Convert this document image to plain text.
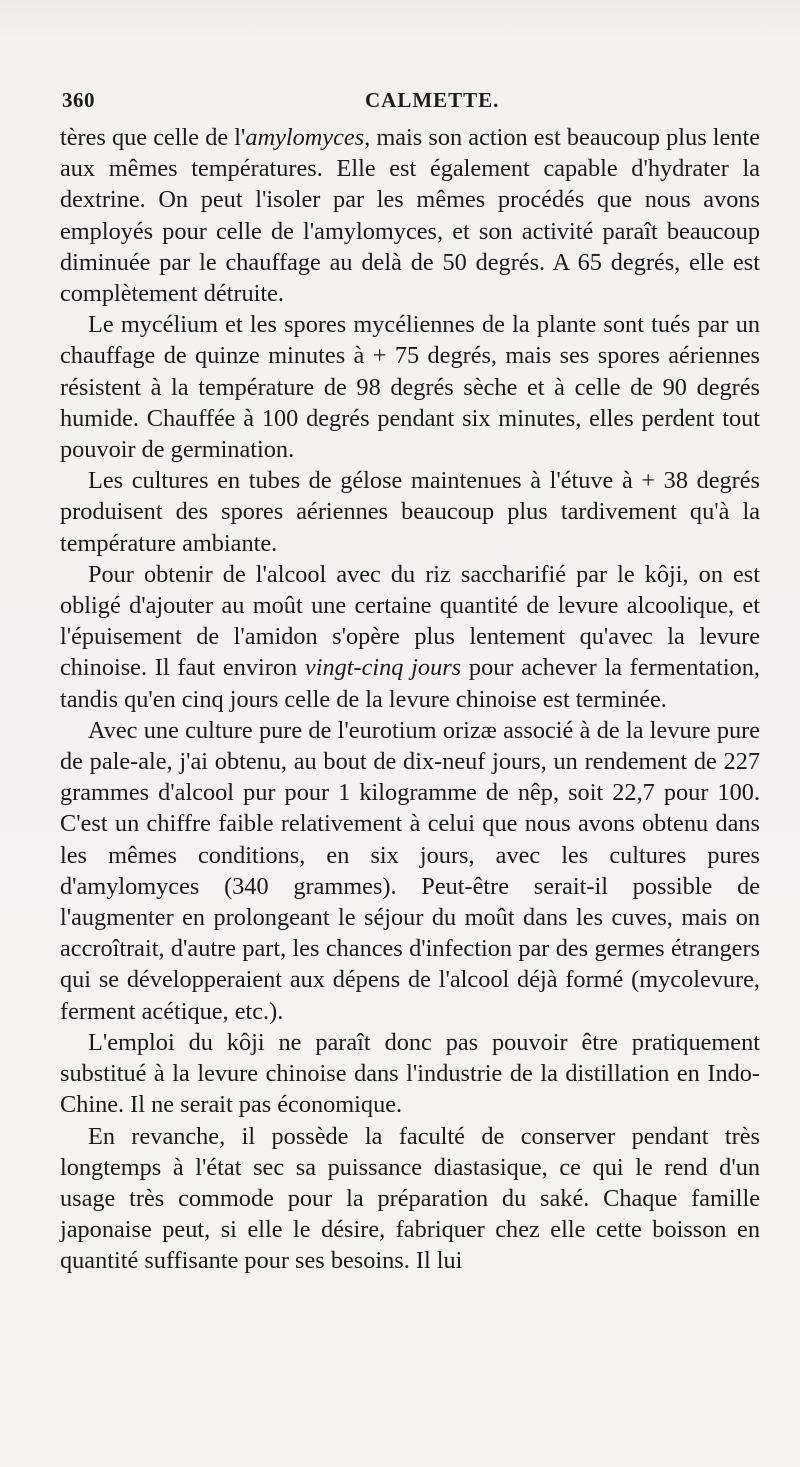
360	CALMETTE.

tères que celle de l'amylomyces, mais son action est beaucoup plus lente aux mêmes températures. Elle est également capable d'hydrater la dextrine. On peut l'isoler par les mêmes procédés que nous avons employés pour celle de l'amylomyces, et son activité paraît beaucoup diminuée par le chauffage au delà de 50 degrés. A 65 degrés, elle est complètement détruite.

Le mycélium et les spores mycéliennes de la plante sont tués par un chauffage de quinze minutes à + 75 degrés, mais ses spores aériennes résistent à la température de 98 degrés sèche et à celle de 90 degrés humide. Chauffée à 100 degrés pendant six minutes, elles perdent tout pouvoir de germination.

Les cultures en tubes de gélose maintenues à l'étuve à + 38 degrés produisent des spores aériennes beaucoup plus tardivement qu'à la température ambiante.

Pour obtenir de l'alcool avec du riz saccharifié par le kôji, on est obligé d'ajouter au moût une certaine quantité de levure alcoolique, et l'épuisement de l'amidon s'opère plus lentement qu'avec la levure chinoise. Il faut environ vingt-cinq jours pour achever la fermentation, tandis qu'en cinq jours celle de la levure chinoise est terminée.

Avec une culture pure de l'eurotium orizæ associé à de la levure pure de pale-ale, j'ai obtenu, au bout de dix-neuf jours, un rendement de 227 grammes d'alcool pur pour 1 kilogramme de nêp, soit 22,7 pour 100. C'est un chiffre faible relativement à celui que nous avons obtenu dans les mêmes conditions, en six jours, avec les cultures pures d'amylomyces (340 grammes). Peut-être serait-il possible de l'augmenter en prolongeant le séjour du moût dans les cuves, mais on accroîtrait, d'autre part, les chances d'infection par des germes étrangers qui se développeraient aux dépens de l'alcool déjà formé (mycolevure, ferment acétique, etc.).

L'emploi du kôji ne paraît donc pas pouvoir être pratiquement substitué à la levure chinoise dans l'industrie de la distillation en Indo-Chine. Il ne serait pas économique.

En revanche, il possède la faculté de conserver pendant très longtemps à l'état sec sa puissance diastasique, ce qui le rend d'un usage très commode pour la préparation du saké. Chaque famille japonaise peut, si elle le désire, fabriquer chez elle cette boisson en quantité suffisante pour ses besoins. Il lui
